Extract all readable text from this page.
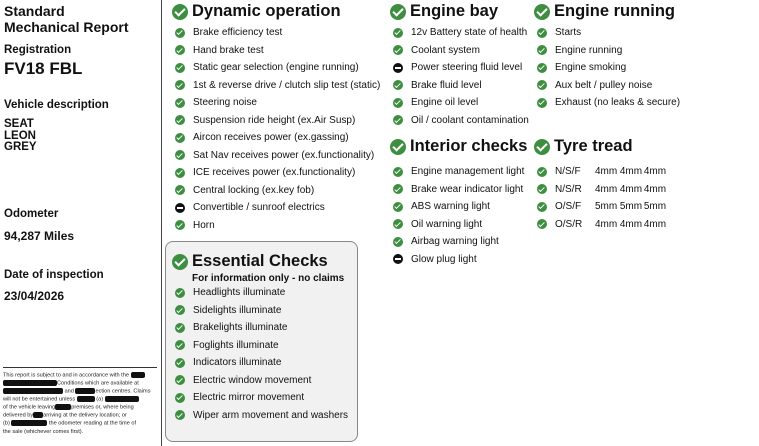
Standard
Mechanical Report
Registration
FV18 FBL
Vehicle description
SEAT
LEON
GREY
Odometer
94,287 Miles
Date of inspection
23/04/2026
This report is subject to and in accordance with the
Conditions which are available at
and	ection centres. Claims
will not be entertained unless	(a)
of the vehicle leaving	premises or, where being
delivered by arriving at the delivery location; or
(b)	the odometer reading at the time of
the sale (whichever comes first).
Dynamic operation
Brake efficiency test
Hand brake test
Static gear selection (engine running)
1st & reverse drive / clutch slip test (static)
Steering noise
Suspension ride height (ex.Air Susp)
Aircon receives power (ex.gassing)
Sat Nav receives power (ex.functionality)
ICE receives power (ex.functionality)
Central locking (ex.key fob)
Convertible / sunroof electrics
Horn
Essential Checks
For information only - no claims
Headlights illuminate
Sidelights illuminate
Brakelights illuminate
Foglights illuminate
Indicators illuminate
Electric window movement
Electric mirror movement
Wiper arm movement and washers
Engine bay
12v Battery state of health
Coolant system
Power steering fluid level
Brake fluid level
Engine oil level
Oil / coolant contamination
Interior checks
Engine management light
Brake wear indicator light
ABS warning light
Oil warning light
Airbag warning light
Glow plug light
Engine running
Starts
Engine running
Engine smoking
Aux belt / pulley noise
Exhaust (no leaks & secure)
Tyre tread
N/S/F	4mm 4mm 4mm
N/S/R	4mm 4mm 4mm
O/S/F	5mm 5mm 5mm
O/S/R	4mm 4mm 4mm
